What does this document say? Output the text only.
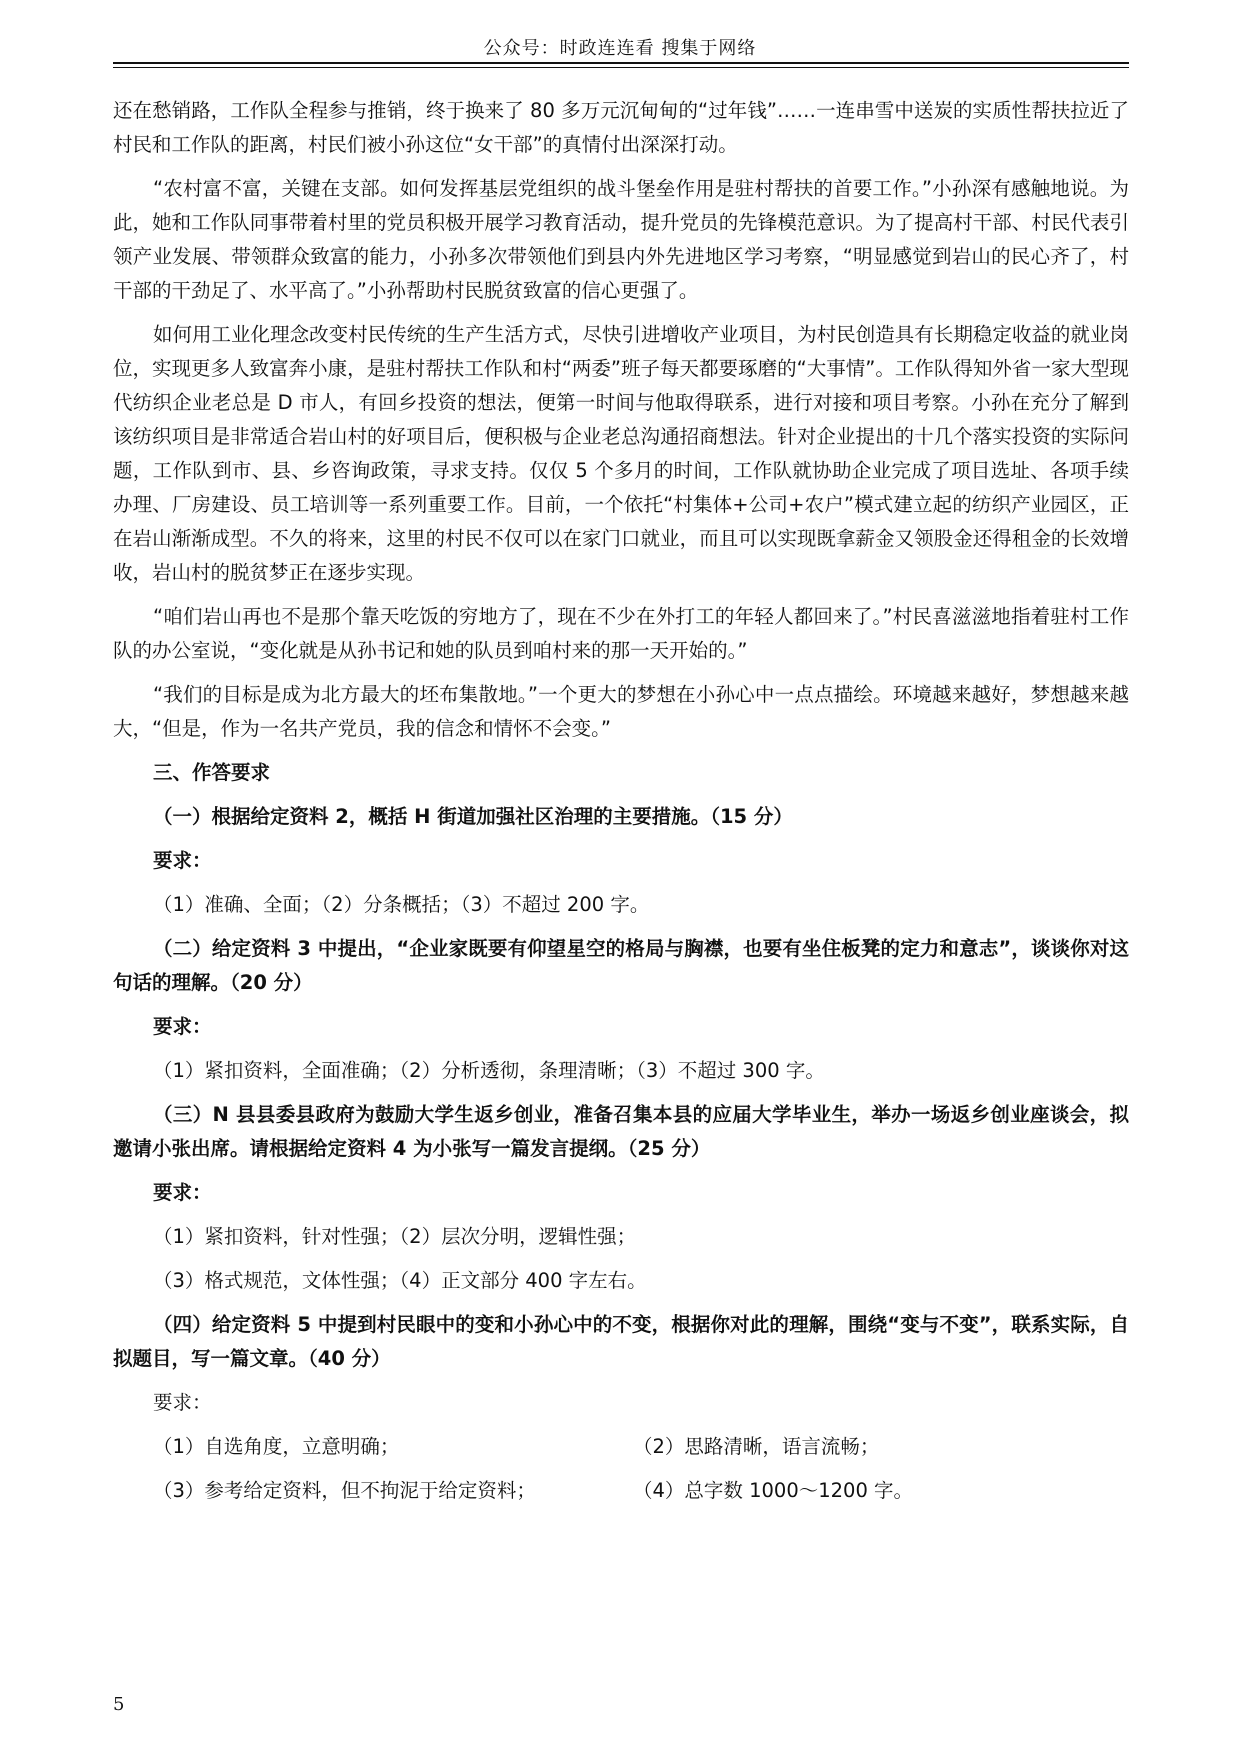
公众号：时政连连看 搜集于网络

还在愁销路，工作队全程参与推销，终于换来了 80 多万元沉甸甸的“过年钱”……一连串雪中送炭的实质性帮扶拉近了村民和工作队的距离，村民们被小孙这位“女干部”的真情付出深深打动。

“农村富不富，关键在支部。如何发挥基层党组织的战斗堡垒作用是驻村帮扶的首要工作。”小孙深有感触地说。为此，她和工作队同事带着村里的党员积极开展学习教育活动，提升党员的先锋模范意识。为了提高村干部、村民代表引领产业发展、带领群众致富的能力，小孙多次带领他们到县内外先进地区学习考察，“明显感觉到岩山的民心齐了，村干部的干劲足了、水平高了。”小孙帮助村民脱贫致富的信心更强了。

如何用工业化理念改变村民传统的生产生活方式，尽快引进增收产业项目，为村民创造具有长期稳定收益的就业岗位，实现更多人致富奔小康，是驻村帮扶工作队和村“两委”班子每天都要琢磨的“大事情”。工作队得知外省一家大型现代纺织企业老总是 D 市人，有回乡投资的想法，便第一时间与他取得联系，进行对接和项目考察。小孙在充分了解到该纺织项目是非常适合岩山村的好项目后，便积极与企业老总沟通招商想法。针对企业提出的十几个落实投资的实际问题，工作队到市、县、乡咨询政策，寻求支持。仅仅 5 个多月的时间，工作队就协助企业完成了项目选址、各项手续办理、厂房建设、员工培训等一系列重要工作。目前，一个依托“村集体+公司+农户”模式建立起的纺织产业园区，正在岩山渐渐成型。不久的将来，这里的村民不仅可以在家门口就业，而且可以实现既拿薪金又领股金还得租金的长效增收，岩山村的脱贫梦正在逐步实现。

“咱们岩山再也不是那个靠天吃饭的穷地方了，现在不少在外打工的年轻人都回来了。”村民喜滋滋地指着驻村工作队的办公室说，“变化就是从孙书记和她的队员到咱村来的那一天开始的。”

“我们的目标是成为北方最大的坯布集散地。”一个更大的梦想在小孙心中一点点描绘。环境越来越好，梦想越来越大，“但是，作为一名共产党员，我的信念和情怀不会变。”

三、作答要求

（一）根据给定资料 2，概括 H 街道加强社区治理的主要措施。（15 分）

要求：

（1）准确、全面；（2）分条概括；（3）不超过 200 字。

（二）给定资料 3 中提出，“企业家既要有仰望星空的格局与胸襟，也要有坐住板凳的定力和意志”，谈谈你对这句话的理解。（20 分）

要求：

（1）紧扣资料，全面准确；（2）分析透彻，条理清晰；（3）不超过 300 字。

（三）N 县县委县政府为鼓励大学生返乡创业，准备召集本县的应届大学毕业生，举办一场返乡创业座谈会，拟邀请小张出席。请根据给定资料 4 为小张写一篇发言提纲。（25 分）

要求：

（1）紧扣资料，针对性强；（2）层次分明，逻辑性强；

（3）格式规范，文体性强；（4）正文部分 400 字左右。

（四）给定资料 5 中提到村民眼中的变和小孙心中的不变，根据你对此的理解，围绕“变与不变”，联系实际，自拟题目，写一篇文章。（40 分）

要求：

（1）自选角度，立意明确；	（2）思路清晰，语言流畅；
（3）参考给定资料，但不拘泥于给定资料；	（4）总字数 1000～1200 字。
5
